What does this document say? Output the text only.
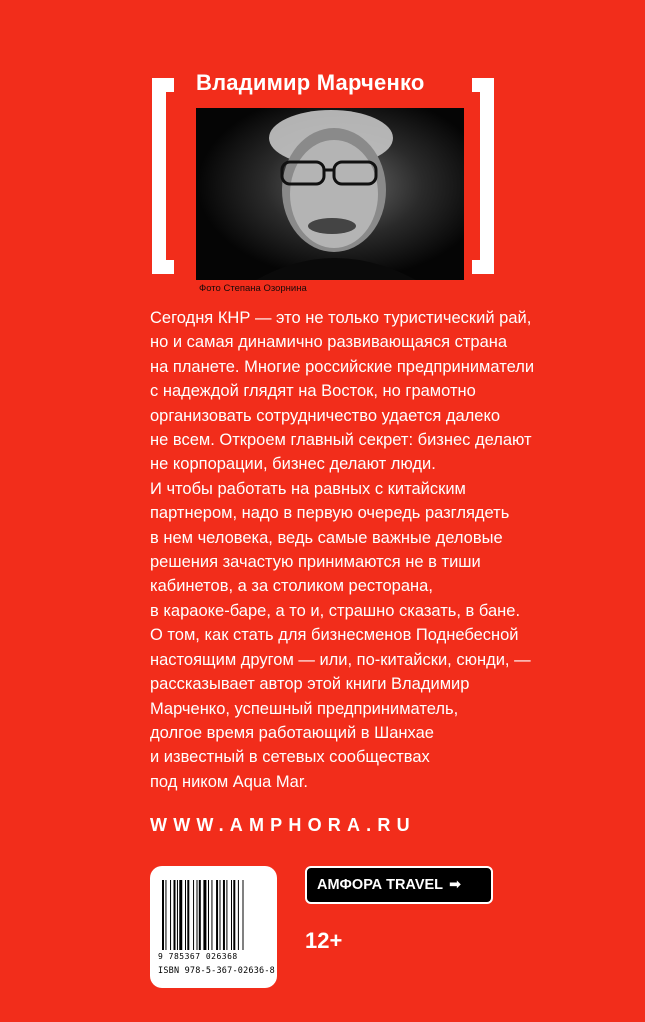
Владимир Марченко
Фото Степана Озорнина
Сегодня КНР — это не только туристический рай,
но и самая динамично развивающаяся страна
на планете. Многие российские предприниматели
с надеждой глядят на Восток, но грамотно
организовать сотрудничество удается далеко
не всем. Откроем главный секрет: бизнес делают
не корпорации, бизнес делают люди.
И чтобы работать на равных с китайским
партнером, надо в первую очередь разглядеть
в нем человека, ведь самые важные деловые
решения зачастую принимаются не в тиши
кабинетов, а за столиком ресторана,
в караоке-баре, а то и, страшно сказать, в бане.
О том, как стать для бизнесменов Поднебесной
настоящим другом — или, по-китайски, сюнди, —
рассказывает автор этой книги Владимир
Марченко, успешный предприниматель,
долгое время работающий в Шанхае
и известный в сетевых сообществах
под ником Aqua Mar.
WWW.AMPHORA.RU
9 785367 026368
ISBN 978-5-367-02636-8
АМФОРА TRAVEL ➡
12+
